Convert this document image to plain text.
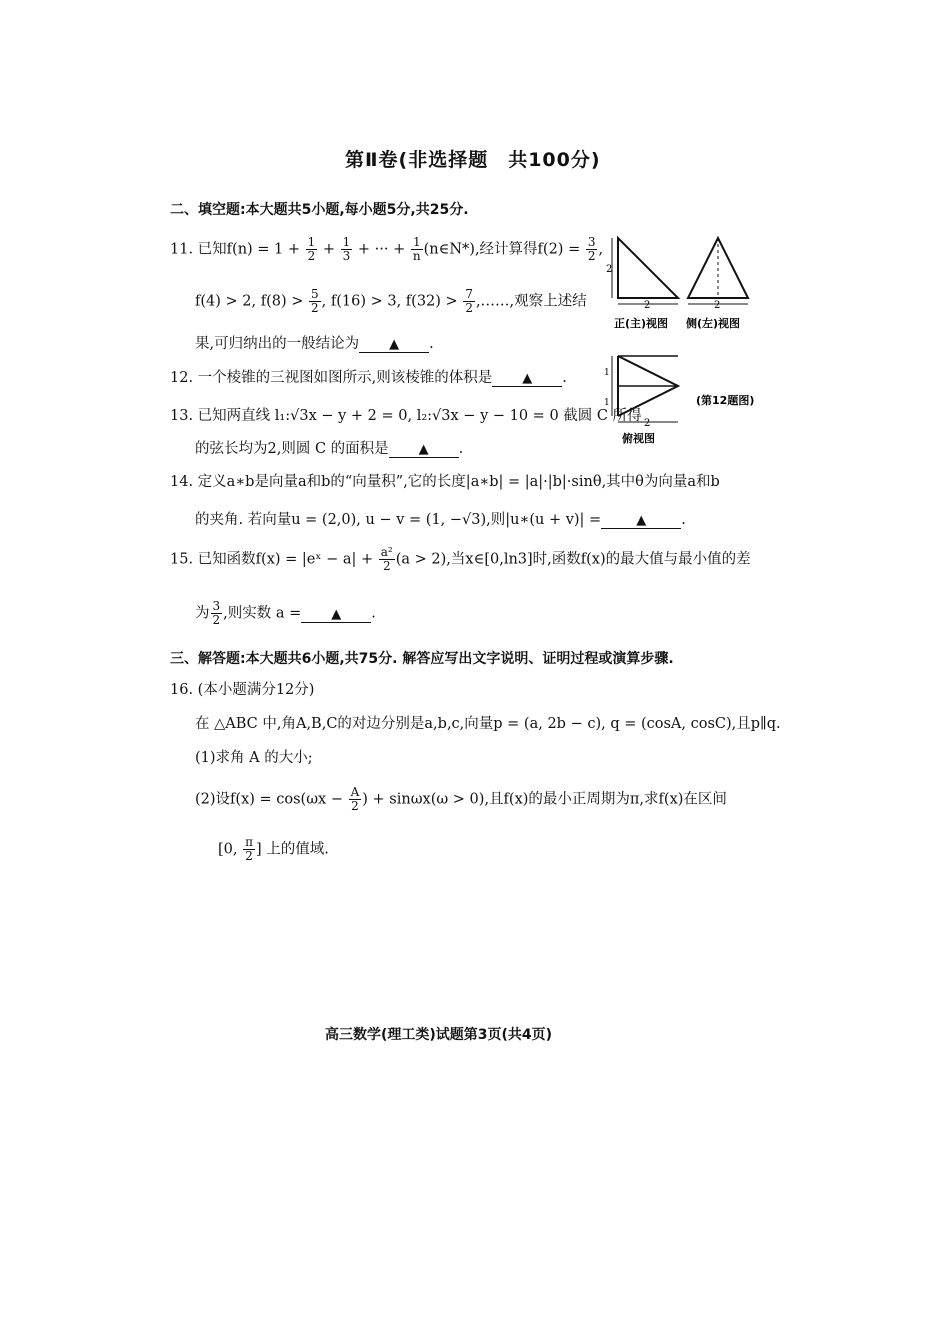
第Ⅱ卷(非选择题　共100分)
二、填空题:本大题共5小题,每小题5分,共25分.
11. 已知$f(n) = 1 + \frac{1}{2} + \frac{1}{3}$ + ··· + $\frac{1}{n}$ (n∈N*),经计算得$f(2) = \frac{3}{2}$ ,
f(4) > 2, $f(8) > \frac{5}{2}$ , f(16) > 3, $f(32) > \frac{7}{2}$ ,……,观察上述结
果,可归纳出的一般结论为 ▲ .
12. 一个棱锥的三视图如图所示,则该棱锥的体积是 ▲ .
13. 已知两直线 l₁:√3x − y + 2 = 0, l₂:√3x − y − 10 = 0 截圆 C 所得
的弦长均为2,则圆 C 的面积是 ▲ .
14. 定义a∗b是向量a和b的“向量积”,它的长度|a∗b| = |a|·|b|·sinθ,其中θ为向量a和b
的夹角. 若向量u = (2,0), u − v = (1, −√3),则|u∗(u + v)| =	▲ .
15. 已知函数f(x) = |eˣ − $a| + \frac{\text{a²}}{2} (a > 2)$,当x∈[0,ln3]时,函数f(x)的最大值与最小值的差
为 $\frac{3}{2}$ ,则实数 a = ▲ .
三、解答题:本大题共6小题,共75分. 解答应写出文字说明、证明过程或演算步骤.
16. (本小题满分12分)
在 △ABC 中,角A,B,C的对边分别是a,b,c,向量p = (a, 2b − c), q = (cosA, cosC),且p∥q.
(1)求角 A 的大小;
(2)设$f(x) = \cos(\omega x - \frac{A}{2}$ ) + sinωx(ω > 0),且f(x)的最小正周期为π,求f(x)在区间
[0, $\frac{\pi}{2}$ ] 上的值域.
2
2
正(主)视图
2
侧(左)视图
1
1
2
俯视图
(第12题图)
高三数学(理工类)试题第3页(共4页)
